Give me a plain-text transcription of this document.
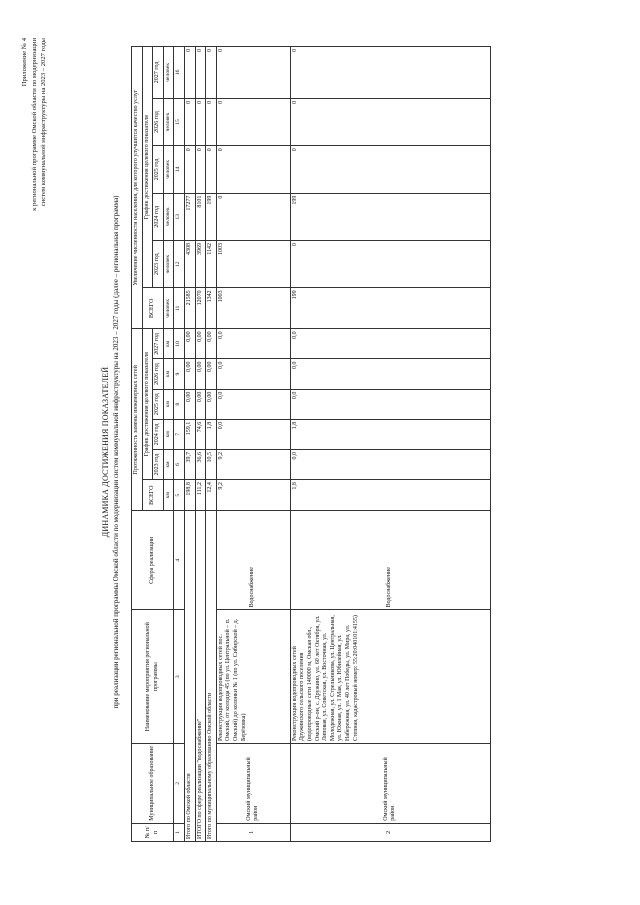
Приложение № 4 к региональной программе Омской области по модернизации систем коммунальной инфраструктуры на 2023 – 2027 годы
ДИНАМИКА ДОСТИЖЕНИЯ ПОКАЗАТЕЛЕЙ при реализации региональной программы Омской области по модернизации систем коммунальной инфраструктуры на 2023 – 2027 годы (далее – региональная программа)
№ п/п	Муниципальное образование	Наименование мероприятия региональной программы	Сфера реализации	Протяженность замены инженерных сетей						Увеличение численности населения, для которого улучшится качество услуг					
				ВСЕГО	График достижения целевого показателя					ВСЕГО	График достижения целевого показателя				
					2023 год	2024 год	2025 год	2026 год	2027 год		2023 год	2024 год	2025 год	2026 год	2027 год
				км	км	км	км	км	км	человек	человек	человек	человек	человек	человек
1	2	3	4	5	6	7	8	9	10	11	12	13	14	15	16
Итого по Омской области				198,8	39,7	159,1	0,00	0,00	0,00	21585	4308	17277	0	0	0
ИТОГО по сфере реализации "водоснабжение"				111,2	36,6	74,6	0,00	0,00	0,00	12070	3969	8101	0	0	0
Итого по муниципальному образованию Омской области				12,4	10,5	1,8	0,00	0,00	0,00	1342	1142	199	0	0	0
1	Омский муниципальный район	Реконструкция водопроводных сетей пос. Омский, от колодца 45 (по ул. Центральной – п. Омский) до колонки № 1 (по ул. Сибирской – д. Берёзовка)	Водоснабжение	9,2	9,2	0,0	0,0	0,0	0,0	1003	1003	0	0	0	0
2	Омский муниципальный район	Реконструкция водопроводных сетей Дружинского сельского поселения (водопроводные сети 140000 м, Омская обл., Омский р-он, с. Дружино, ул. 60 лет Октября, ул. Липовая, ул. Советская, ул. Восточная, ул. Молодежная, ул. Стрельникова, ул. Центральная, ул. Южная, ул. 1 Мая, ул. Юбилейная, ул. Набережная, ул. 40 лет Победы, ул. Мира, ул. Степная, кадастровый номер: 55:20:040101:4155)	Водоснабжение	1,8	0,0	1,8	0,0	0,0	0,0	199	0	199	0	0	0
